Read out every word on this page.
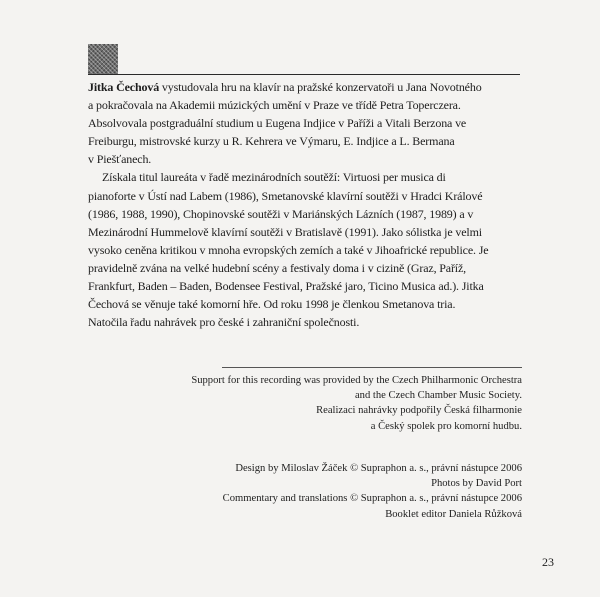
Jitka Čechová vystudovala hru na klavír na pražské konzervatoři u Jana Novotného
a pokračovala na Akademii múzických umění v Praze ve třídě Petra Toperczera.
Absolvovala postgraduální studium u Eugena Indjice v Paříži a Vitali Berzona ve
Freiburgu, mistrovské kurzy u R. Kehrera ve Výmaru, E. Indjice a L. Bermana
v Piešťanech.

Získala titul laureáta v řadě mezinárodních soutěží: Virtuosi per musica di
pianoforte v Ústí nad Labem (1986), Smetanovské klavírní soutěži v Hradci Králové
(1986, 1988, 1990), Chopinovské soutěži v Mariánských Lázních (1987, 1989) a v
Mezinárodní Hummelově klavírní soutěži v Bratislavě (1991). Jako sólistka je velmi
vysoko ceněna kritikou v mnoha evropských zemích a také v Jihoafrické republice. Je
pravidelně zvána na velké hudební scény a festivaly doma i v cizině (Graz, Paříž,
Frankfurt, Baden – Baden, Bodensee Festival, Pražské jaro, Ticino Musica ad.). Jitka
Čechová se věnuje také komorní hře. Od roku 1998 je členkou Smetanova tria.
Natočila řadu nahrávek pro české i zahraniční společnosti.

Support for this recording was provided by the Czech Philharmonic Orchestra
and the Czech Chamber Music Society.
Realizaci nahrávky podpořily Česká filharmonie
a Český spolek pro komorní hudbu.
Design by Miloslav Žáček © Supraphon a. s., právní nástupce 2006
Photos by David Port
Commentary and translations © Supraphon a. s., právní nástupce 2006
Booklet editor Daniela Růžková
23
